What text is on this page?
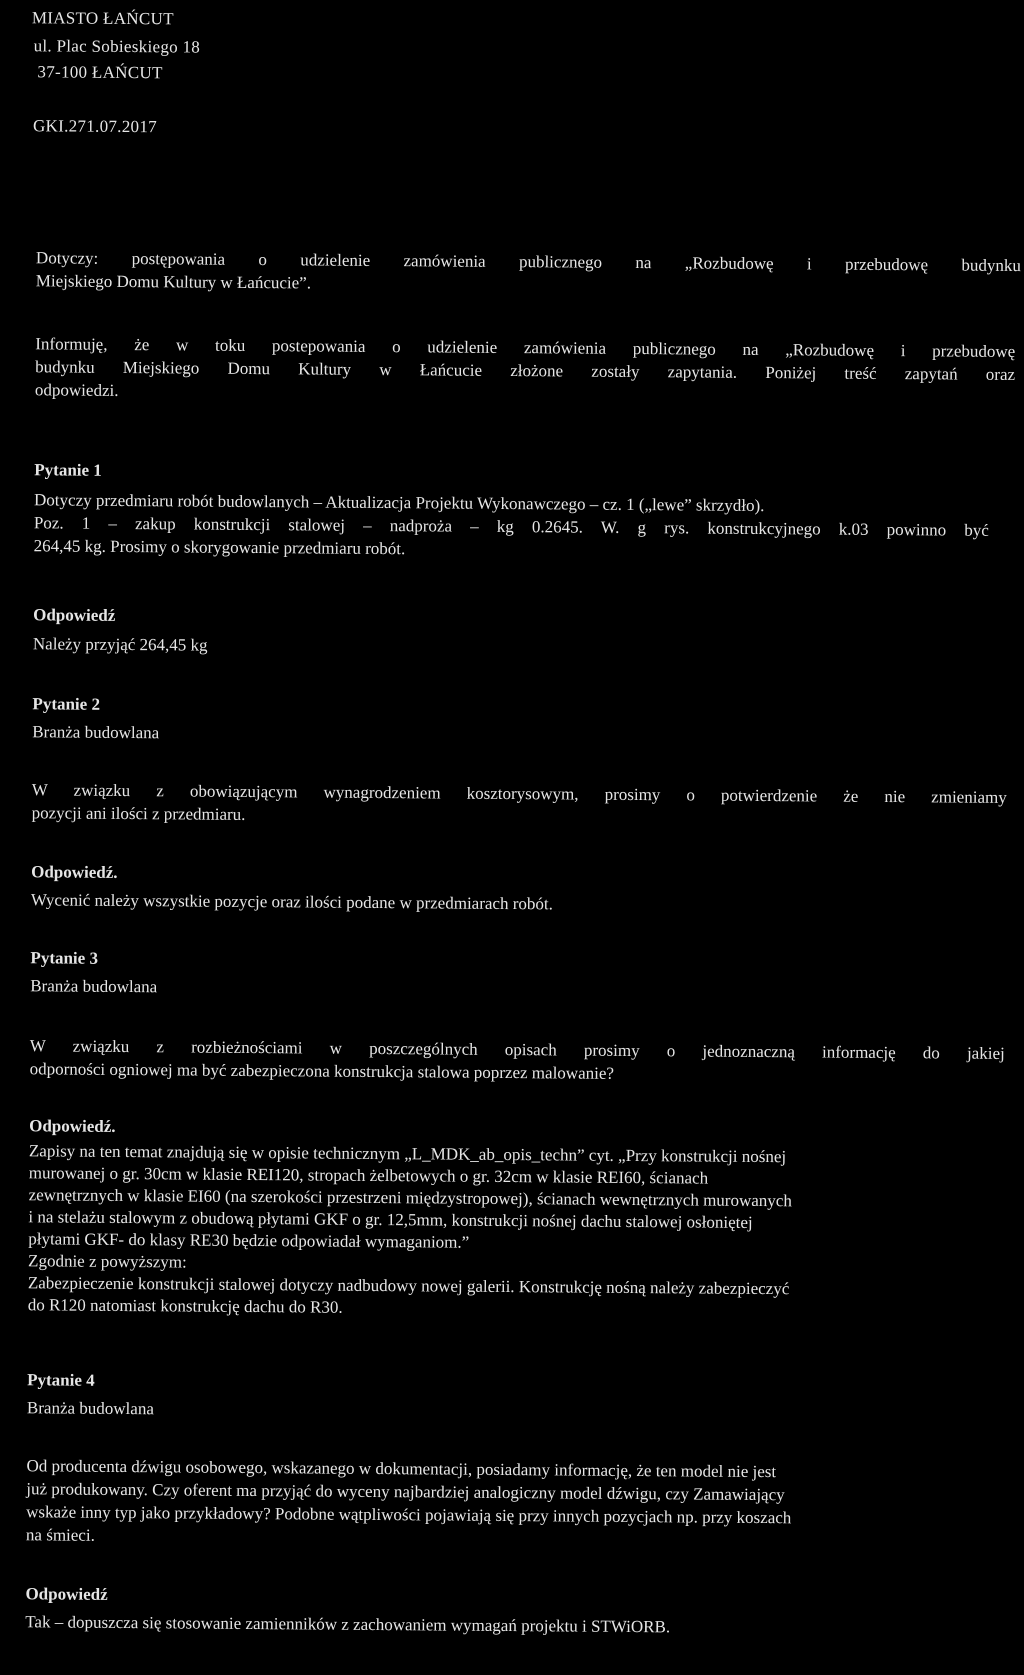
MIASTO ŁAŃCUT
ul. Plac Sobieskiego 18
37-100 ŁAŃCUT
GKI.271.07.2017
Dotyczy: postępowania o udzielenie zamówienia publicznego na „Rozbudowę i przebudowę budynku
Miejskiego Domu Kultury w Łańcucie”.
Informuję, że w toku postepowania o udzielenie zamówienia publicznego na „Rozbudowę i przebudowę
budynku Miejskiego Domu Kultury w Łańcucie złożone zostały zapytania. Poniżej treść zapytań oraz
odpowiedzi.
Pytanie 1
Dotyczy przedmiaru robót budowlanych – Aktualizacja Projektu Wykonawczego – cz. 1 („lewe” skrzydło).
Poz. 1 – zakup konstrukcji stalowej – nadproża – kg 0.2645. W. g rys. konstrukcyjnego k.03 powinno być
264,45 kg. Prosimy o skorygowanie przedmiaru robót.
Odpowiedź
Należy przyjąć 264,45 kg
Pytanie 2
Branża budowlana
W związku z obowiązującym wynagrodzeniem kosztorysowym, prosimy o potwierdzenie że nie zmieniamy
pozycji ani ilości z przedmiaru.
Odpowiedź.
Wycenić należy wszystkie pozycje oraz ilości podane w przedmiarach robót.
Pytanie 3
Branża budowlana
W związku z rozbieżnościami w poszczególnych opisach prosimy o jednoznaczną informację do jakiej
odporności ogniowej ma być zabezpieczona konstrukcja stalowa poprzez malowanie?
Odpowiedź.
Zapisy na ten temat znajdują się w opisie technicznym „L_MDK_ab_opis_techn” cyt. „Przy konstrukcji nośnej
murowanej o gr. 30cm w klasie REI120, stropach żelbetowych o gr. 32cm w klasie REI60, ścianach
zewnętrznych w klasie EI60 (na szerokości przestrzeni międzystropowej), ścianach wewnętrznych murowanych
i na stelażu stalowym z obudową płytami GKF o gr. 12,5mm, konstrukcji nośnej dachu stalowej osłoniętej
płytami GKF- do klasy RE30 będzie odpowiadał wymaganiom.”
Zgodnie z powyższym:
Zabezpieczenie konstrukcji stalowej dotyczy nadbudowy nowej galerii. Konstrukcję nośną należy zabezpieczyć
do R120 natomiast konstrukcję dachu do R30.
Pytanie 4
Branża budowlana
Od producenta dźwigu osobowego, wskazanego w dokumentacji, posiadamy informację, że ten model nie jest
już produkowany. Czy oferent ma przyjąć do wyceny najbardziej analogiczny model dźwigu, czy Zamawiający
wskaże inny typ jako przykładowy? Podobne wątpliwości pojawiają się przy innych pozycjach np. przy koszach
na śmieci.
Odpowiedź
Tak – dopuszcza się stosowanie zamienników z zachowaniem wymagań projektu i STWiORB.
